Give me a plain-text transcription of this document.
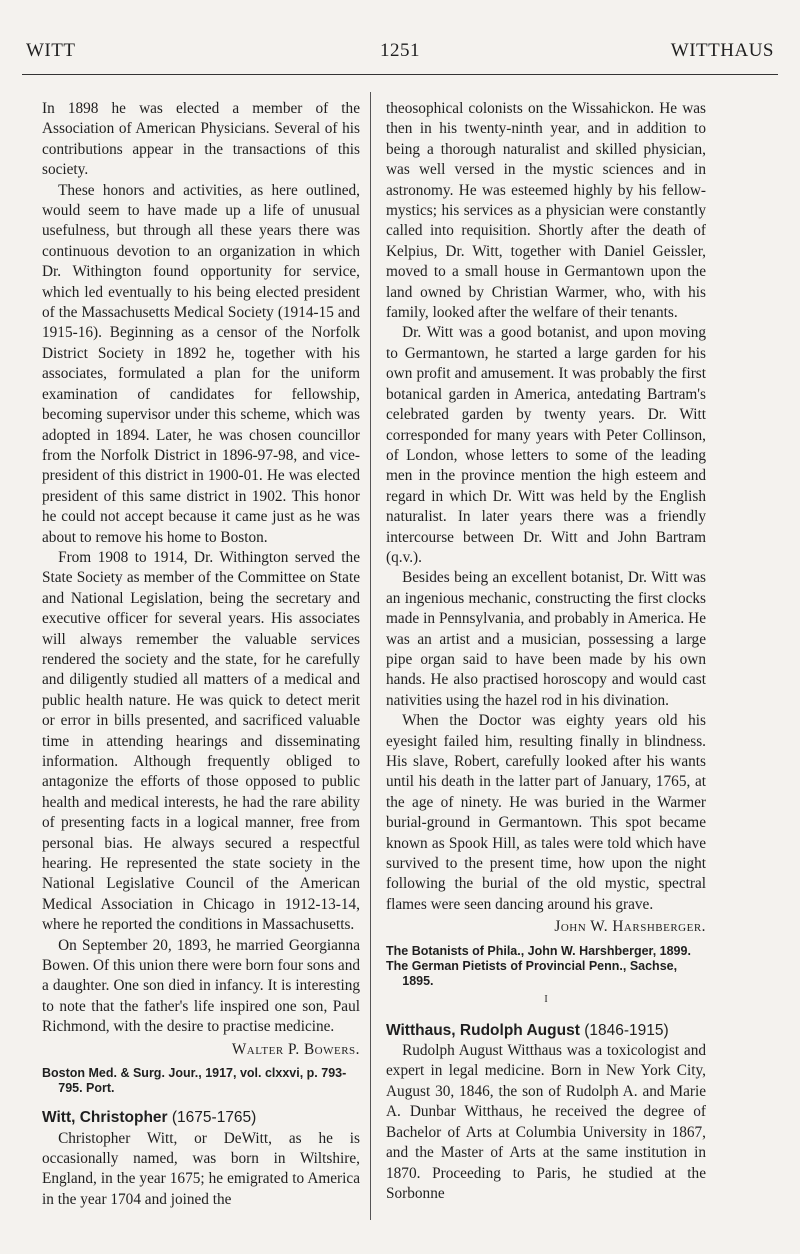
WITT	1251	WITTHAUS

In 1898 he was elected a member of the Association of American Physicians. Several of his contributions appear in the transactions of this society.

These honors and activities, as here outlined, would seem to have made up a life of unusual usefulness, but through all these years there was continuous devotion to an organization in which Dr. Withington found opportunity for service, which led eventually to his being elected president of the Massachusetts Medical Society (1914-15 and 1915-16). Beginning as a censor of the Norfolk District Society in 1892 he, together with his associates, formulated a plan for the uniform examination of candidates for fellowship, becoming supervisor under this scheme, which was adopted in 1894. Later, he was chosen councillor from the Norfolk District in 1896-97-98, and vice-president of this district in 1900-01. He was elected president of this same district in 1902. This honor he could not accept because it came just as he was about to remove his home to Boston.

From 1908 to 1914, Dr. Withington served the State Society as member of the Committee on State and National Legislation, being the secretary and executive officer for several years. His associates will always remember the valuable services rendered the society and the state, for he carefully and diligently studied all matters of a medical and public health nature. He was quick to detect merit or error in bills presented, and sacrificed valuable time in attending hearings and disseminating information. Although frequently obliged to antagonize the efforts of those opposed to public health and medical interests, he had the rare ability of presenting facts in a logical manner, free from personal bias. He always secured a respectful hearing. He represented the state society in the National Legislative Council of the American Medical Association in Chicago in 1912-13-14, where he reported the conditions in Massachusetts.

On September 20, 1893, he married Georgianna Bowen. Of this union there were born four sons and a daughter. One son died in infancy. It is interesting to note that the father's life inspired one son, Paul Richmond, with the desire to practise medicine.

Walter P. Bowers.
Boston Med. & Surg. Jour., 1917, vol. clxxvi, p. 793-795. Port.
Witt, Christopher (1675-1765)

Christopher Witt, or DeWitt, as he is occasionally named, was born in Wiltshire, England, in the year 1675; he emigrated to America in the year 1704 and joined the

theosophical colonists on the Wissahickon. He was then in his twenty-ninth year, and in addition to being a thorough naturalist and skilled physician, was well versed in the mystic sciences and in astronomy. He was esteemed highly by his fellow-mystics; his services as a physician were constantly called into requisition. Shortly after the death of Kelpius, Dr. Witt, together with Daniel Geissler, moved to a small house in Germantown upon the land owned by Christian Warmer, who, with his family, looked after the welfare of their tenants.

Dr. Witt was a good botanist, and upon moving to Germantown, he started a large garden for his own profit and amusement. It was probably the first botanical garden in America, antedating Bartram's celebrated garden by twenty years. Dr. Witt corresponded for many years with Peter Collinson, of London, whose letters to some of the leading men in the province mention the high esteem and regard in which Dr. Witt was held by the English naturalist. In later years there was a friendly intercourse between Dr. Witt and John Bartram (q.v.).

Besides being an excellent botanist, Dr. Witt was an ingenious mechanic, constructing the first clocks made in Pennsylvania, and probably in America. He was an artist and a musician, possessing a large pipe organ said to have been made by his own hands. He also practised horoscopy and would cast nativities using the hazel rod in his divination.

When the Doctor was eighty years old his eyesight failed him, resulting finally in blindness. His slave, Robert, carefully looked after his wants until his death in the latter part of January, 1765, at the age of ninety. He was buried in the Warmer burial-ground in Germantown. This spot became known as Spook Hill, as tales were told which have survived to the present time, how upon the night following the burial of the old mystic, spectral flames were seen dancing around his grave.

John W. Harshberger.
The Botanists of Phila., John W. Harshberger, 1899.
The German Pietists of Provincial Penn., Sachse, 1895.
I
Witthaus, Rudolph August (1846-1915)

Rudolph August Witthaus was a toxicologist and expert in legal medicine. Born in New York City, August 30, 1846, the son of Rudolph A. and Marie A. Dunbar Witthaus, he received the degree of Bachelor of Arts at Columbia University in 1867, and the Master of Arts at the same institution in 1870. Proceeding to Paris, he studied at the Sorbonne
